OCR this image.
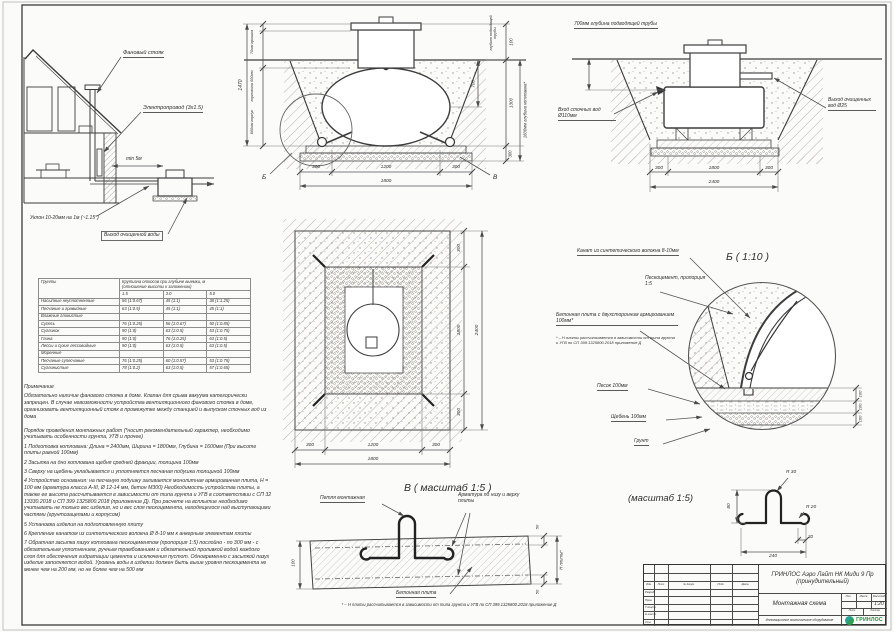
Фановый стояк
Электропровод (3х1.5)
min 5м
Уклон 10-20мм на 1м (~1.15°)
Выход очищенной воды
70мм крышка
горловина 600мм
800мм корпус
1470
100
глубина подводящей трубы
700
1300
300
1600мм глубина котлована*
300	1200	300
1800
Б	В
700мм глубина подводящей трубы
Вход сточных вод Ø110мм
Выход очищенных вод Ø25
300	1800	300
2400
300
1800
300
2400
300	1200	300
1800
Б ( 1:10 )
Канат из синтетического волокна 8-10мм
Пескоцемент, пропорция 1:5
Бетонная плита с двухсторонним армированием 100мм*
* – Н плиты рассчитывается в зависимости от типа грунта и УГВ по СП 399.1325800.2018 приложение Д
Песок 100мм
Щебень 100мм
Грунт
100
100
100
В ( масштаб 1:5 )
Петля монтажная	Арматура по низу и верху плиты
Бетонная плита
* – Н плиты рассчитывается в зависимости от типа грунта и УГВ по СП 399.1325800.2018 приложение Д
100
50
50
Н плиты*
(масштаб 1:5)
R 30
R 20
80
30
240
Грунты	Крутизна откосов при глубине выемки, м
(отношение высоты к заложению)		
	1.5	3.0	5.0
Насыпные неуплотненные	56 (1:0.67)	45 (1:1)	38 (1:1.25)
Песчаные и гравийные	63 (1:0.5)	45 (1:1)	45 (1:1)
Влажные глинистые			
Супесь	76 (1:0.25)	56 (1:0.67)	50 (1:0.85)
Суглинок	90 (1:0)	63 (1:0.5)	53 (1:0.75)
Глина	90 (1:0)	76 (1:0.25)	63 (1:0.5)
Лессы и сухие лессовидные	90 (1:0)	63 (1:0.5)	63 (1:0.5)
Моренные			
Песчаные супесчаные	76 (1:0.25)	60 (1:0.57)	53 (1:0.75)
Суглинистые	78 (1:0.2)	63 (1:0.5)	57 (1:0.65)
Примечание
Обязательно наличие фанового стояка в доме. Клапан для срыва вакуума категорически запрещен. В случае невозможности устройства вентиляционного фанового стояка в доме, организовать вентиляционный стояк в промежутке между станцией и выпуском сточных вод из дома
Порядок проведения монтажных работ (*носит рекомендательный характер, необходимо учитывать особенности грунта, УГВ и прочее)
1 Подготовка котлована: Длина = 2400мм, Ширина = 1800мм, Глубина = 1600мм (При высоте плиты равной 100мм)
2 Засыпка на дно котлована щебня средней фракции, толщина 100мм
3 Сверху на щебень укладывается и уплотняется песчаная подушка толщиной 100мм
4 Устройство основания: на песчаную подушку заливается монолитная армированная плита, Н = 100 мм (арматура класса А-III, Ø 12-14 мм, бетон М300) Необходимость устройства плиты, а также ее высота рассчитывается в зависимости от типа грунта и УГВ в соответствии с СП 32 13330.2018 и СП 399 1325800.2018 (приложение Д). При расчете на всплытие необходимо учитывать не только вес изделия, но и вес слоя пескоцемента, находящегося над выступающими частями (грунтозацепами и корпусом)
5 Установка изделия на подготовленную плиту
6 Крепление канатом из синтетического волокна Ø 8-10 мм к анкерным элементам плиты
7 Обратная засыпка пазух котлована пескоцементом (пропорция 1:5) послойно - по 300 мм - с обязательным уплотнением, ручным трамбованием и обязательной проливкой водой каждого слоя для обеспечения гидратации цемента и исключения пустот. Одновременно с засыпкой пазух изделие заполняется водой. Уровень воды в изделии должен быть выше уровня пескоцемента не менее чем на 200 мм, но не более чем на 500 мм
Изм.	Лист	№ докум.	Подп.	Дата
Разраб.
Пров.
Т.контр.
Н.контр.
Утв.
ГРИНЛОС Аэро Лайт НК Миди 9 Пр (принудительный)
Монтажная схема
Лит.	Масса	Масштаб
1:20
Лист	Листов
Инновационное экологическое оборудование	ГРИНЛОС
